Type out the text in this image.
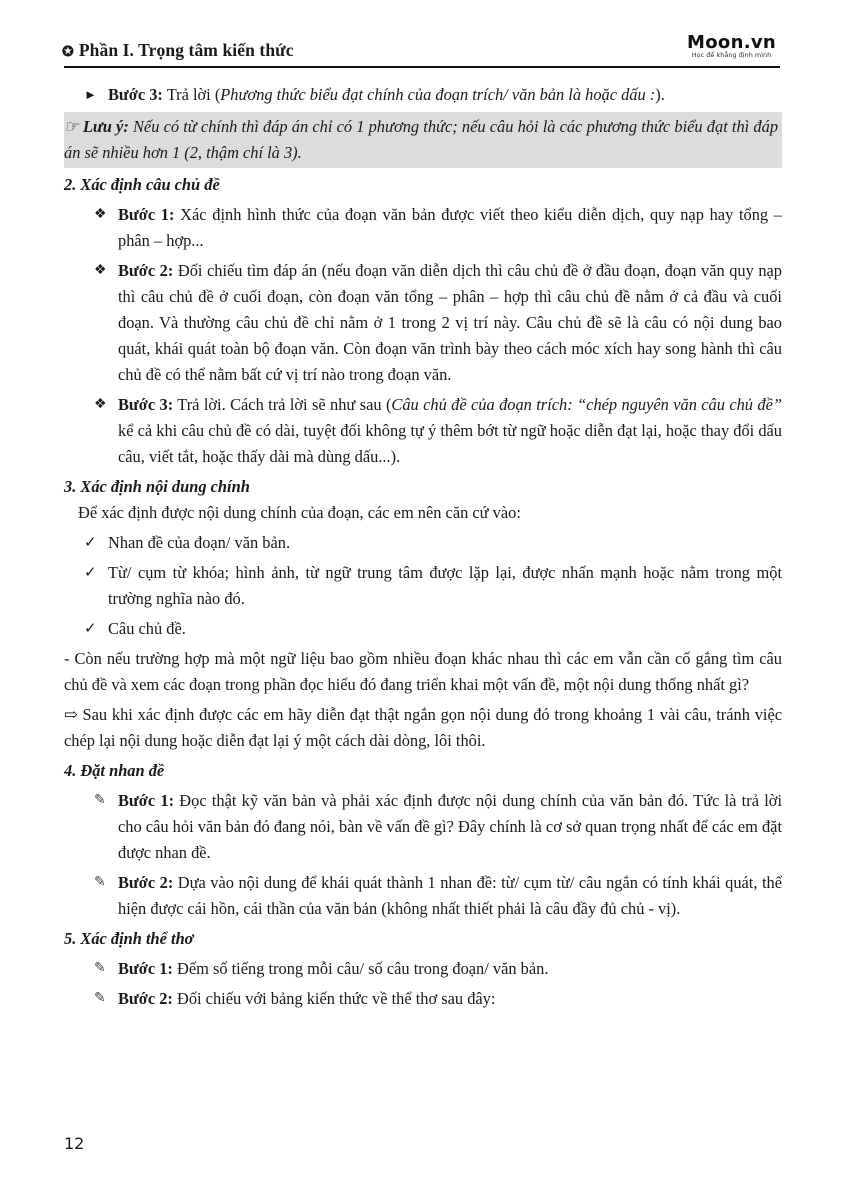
✪ Phần I. Trọng tâm kiến thức	Moon.vn
Học để khẳng định mình
► Bước 3: Trả lời (Phương thức biểu đạt chính của đoạn trích/ văn bản là hoặc dấu :).

☞ Lưu ý: Nếu có từ chính thì đáp án chỉ có 1 phương thức; nếu câu hỏi là các phương thức biểu đạt thì đáp án sẽ nhiều hơn 1 (2, thậm chí là 3).

2. Xác định câu chủ đề

❖ Bước 1: Xác định hình thức của đoạn văn bản được viết theo kiểu diễn dịch, quy nạp hay tổng – phân – hợp...

❖ Bước 2: Đối chiếu tìm đáp án (nếu đoạn văn diễn dịch thì câu chủ đề ở đầu đoạn, đoạn văn quy nạp thì câu chủ đề ở cuối đoạn, còn đoạn văn tổng – phân – hợp thì câu chủ đề nằm ở cả đầu và cuối đoạn. Và thường câu chủ đề chỉ nằm ở 1 trong 2 vị trí này. Câu chủ đề sẽ là câu có nội dung bao quát, khái quát toàn bộ đoạn văn. Còn đoạn văn trình bày theo cách móc xích hay song hành thì câu chủ đề có thể nằm bất cứ vị trí nào trong đoạn văn.

❖ Bước 3: Trả lời. Cách trả lời sẽ như sau (Câu chủ đề của đoạn trích: “chép nguyên văn câu chủ đề” kể cả khi câu chủ đề có dài, tuyệt đối không tự ý thêm bớt từ ngữ hoặc diễn đạt lại, hoặc thay đổi dấu câu, viết tắt, hoặc thấy dài mà dùng dấu...).

3. Xác định nội dung chính

Để xác định được nội dung chính của đoạn, các em nên căn cứ vào:

✓ Nhan đề của đoạn/ văn bản.

✓ Từ/ cụm từ khóa; hình ảnh, từ ngữ trung tâm được lặp lại, được nhấn mạnh hoặc nằm trong một trường nghĩa nào đó.

✓ Câu chủ đề.

- Còn nếu trường hợp mà một ngữ liệu bao gồm nhiều đoạn khác nhau thì các em vẫn cần cố gắng tìm câu chủ đề và xem các đoạn trong phần đọc hiểu đó đang triển khai một vấn đề, một nội dung thống nhất gì?

⇨ Sau khi xác định được các em hãy diễn đạt thật ngắn gọn nội dung đó trong khoảng 1 vài câu, tránh việc chép lại nội dung hoặc diễn đạt lại ý một cách dài dòng, lôi thôi.

4. Đặt nhan đề

✎ Bước 1: Đọc thật kỹ văn bản và phải xác định được nội dung chính của văn bản đó. Tức là trả lời cho câu hỏi văn bản đó đang nói, bàn về vấn đề gì? Đây chính là cơ sở quan trọng nhất để các em đặt được nhan đề.

✎ Bước 2: Dựa vào nội dung để khái quát thành 1 nhan đề: từ/ cụm từ/ câu ngắn có tính khái quát, thể hiện được cái hồn, cái thần của văn bản (không nhất thiết phải là câu đầy đủ chủ - vị).

5. Xác định thể thơ

✎ Bước 1: Đếm số tiếng trong mỗi câu/ số câu trong đoạn/ văn bản.

✎ Bước 2: Đối chiếu với bảng kiến thức về thể thơ sau đây:

12
